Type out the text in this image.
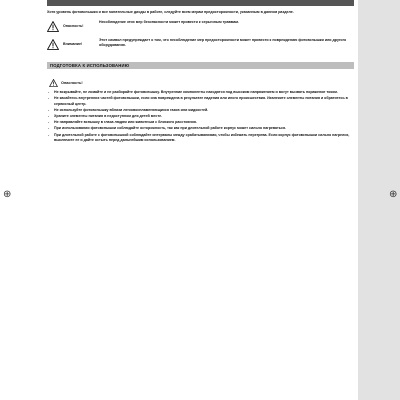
⊕	⊕

Хотя уровень фотовспышки и все мигательные диоды в работе, следуйте всем мерам предосторожности, указанным в данном разделе.

	Опасность!	Несоблюдение этих мер безопасности может привести к серьезным травмам.

	Внимание!	Этот символ предупреждает о том, что несоблюдение мер предосторожности может привести к повреждению фотовспышки или другого оборудования.
ПОДГОТОВКА К ИСПОЛЬЗОВАНИЮ
Опасность!
- Не вскрывайте, не ломайте и не разбирайте фотовспышку. Внутренние компоненты находятся под высоким напряжением и могут вызвать поражение током.
- Не касайтесь внутренних частей фотовспышки, если она повреждена в результате падения или иного происшествия. Извлеките элементы питания и обратитесь в сервисный центр.
- Не используйте фотовспышку вблизи легковоспламеняющихся газов или жидкостей.
- Храните элементы питания в недоступном для детей месте.
- Не направляйте вспышку в глаза людям или животным с близкого расстояния.
- При использовании фотовспышки соблюдайте осторожность, так как при длительной работе корпус может сильно нагреваться.
- При длительной работе с фотовспышкой соблюдайте интервалы между срабатываниями, чтобы избежать перегрева. Если корпус фотовспышки сильно нагрелся, выключите ее и дайте остыть перед дальнейшим использованием.
